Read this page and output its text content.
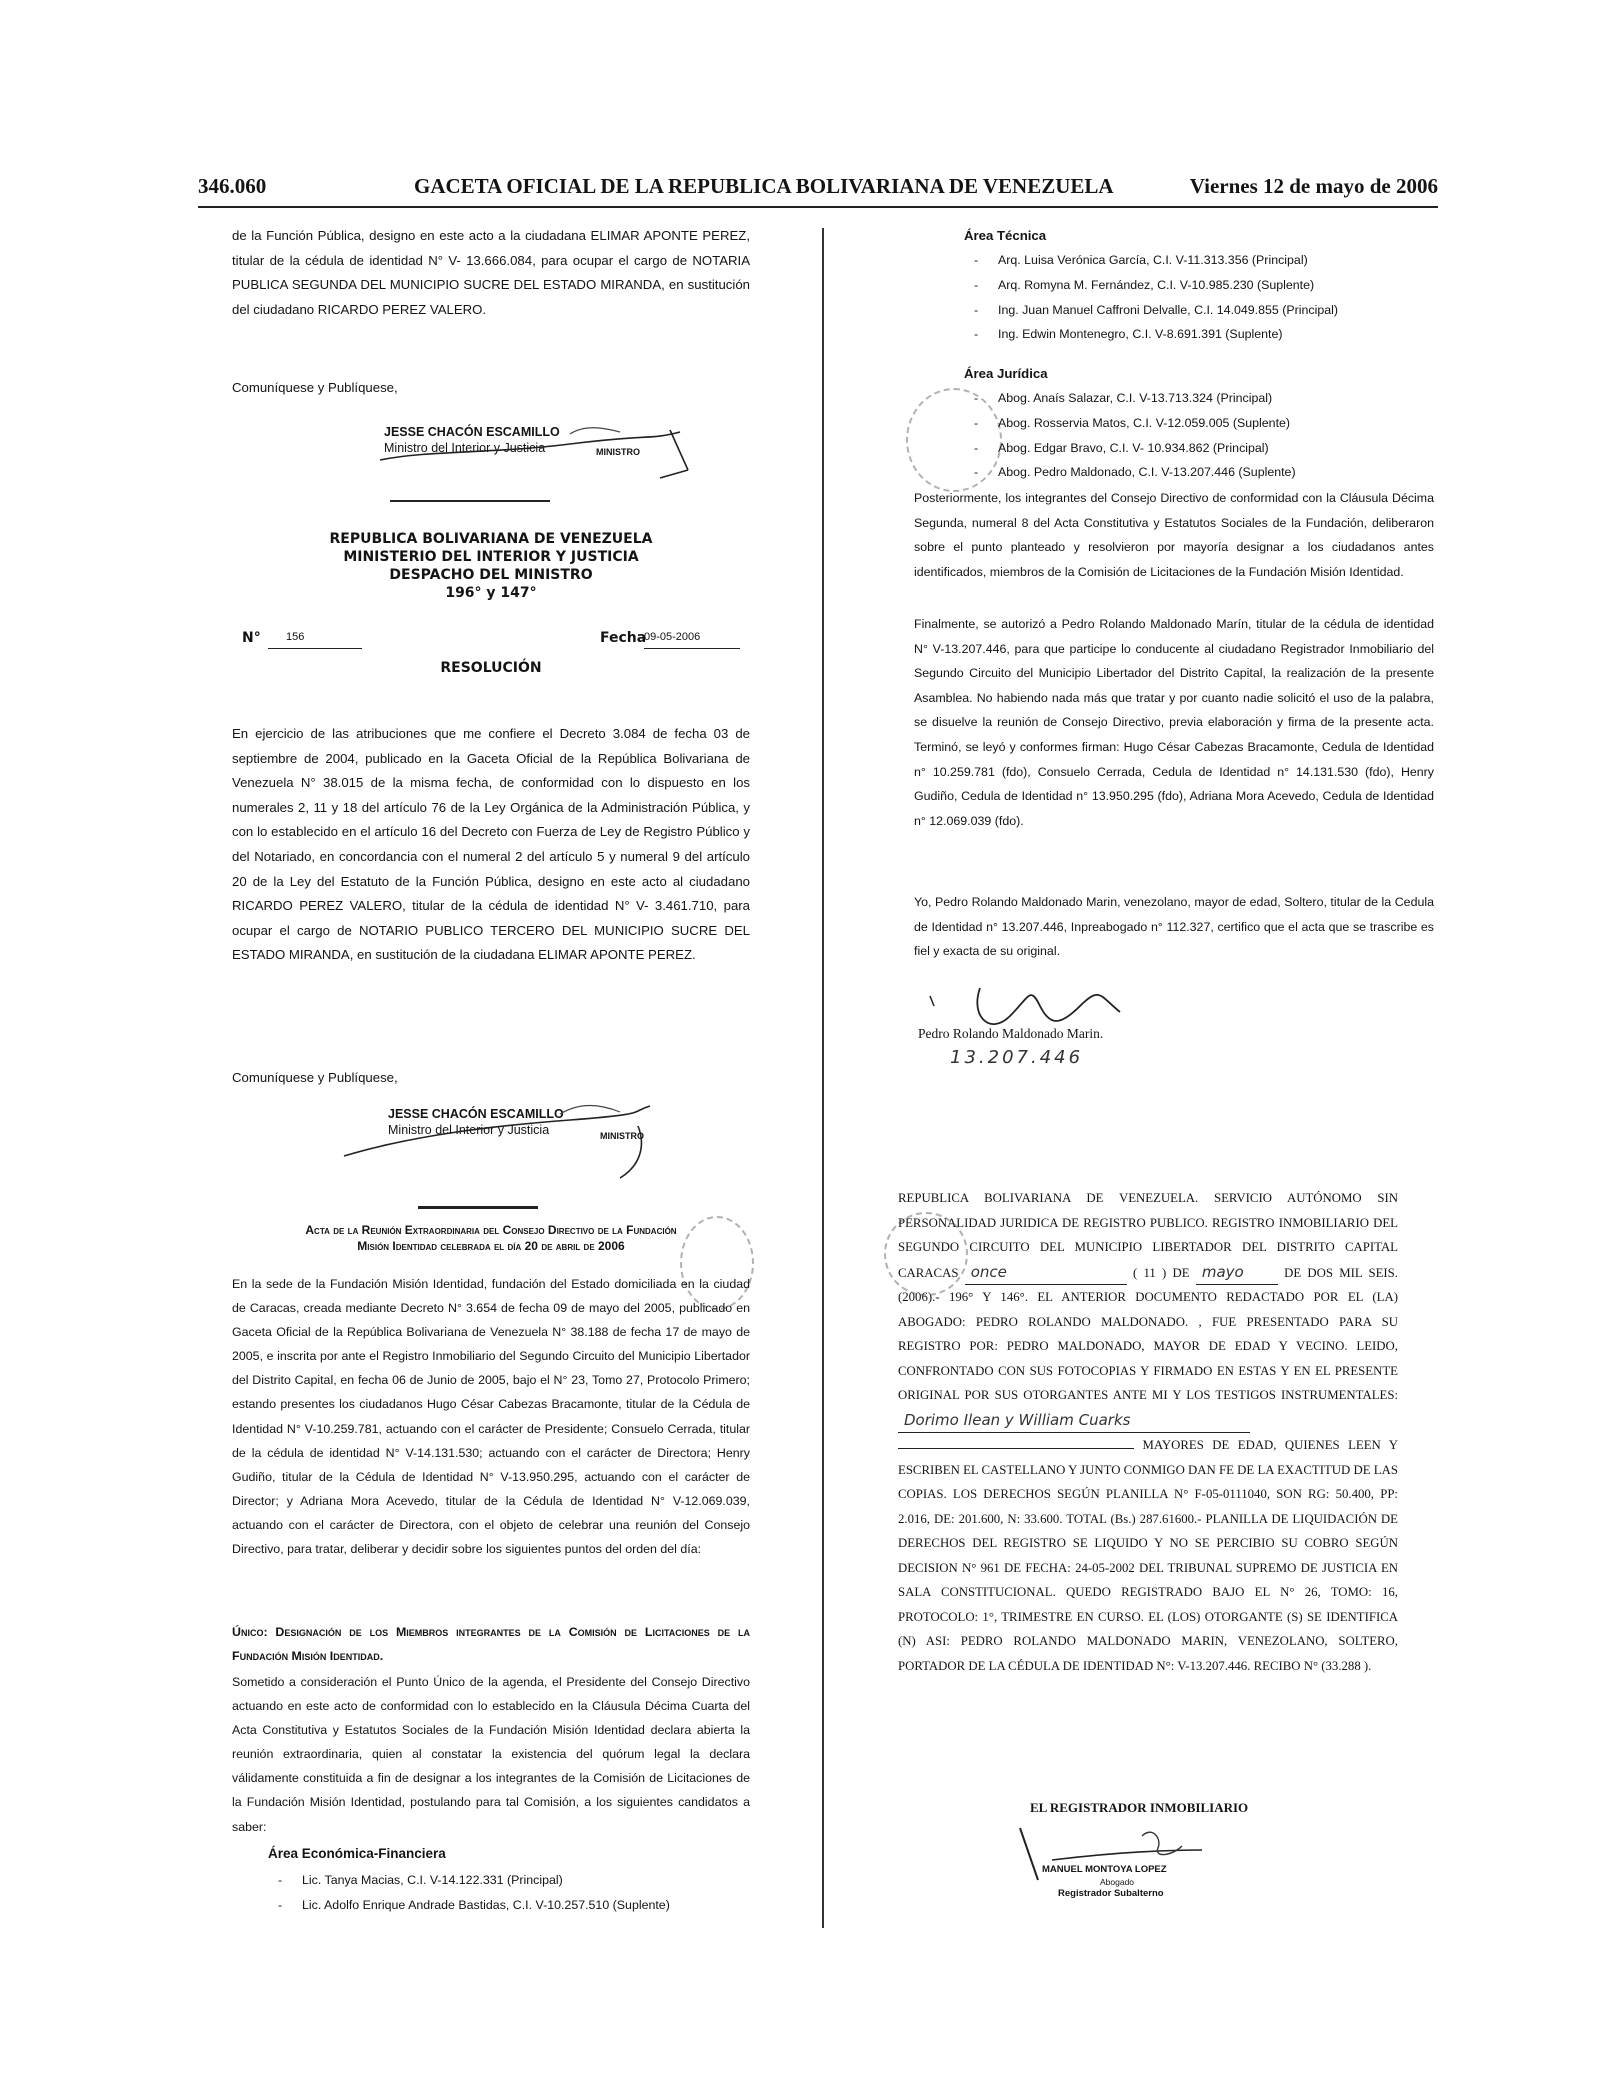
346.060	GACETA OFICIAL DE LA REPUBLICA BOLIVARIANA DE VENEZUELA	Viernes 12 de mayo de 2006
de la Función Pública, designo en este acto a la ciudadana ELIMAR APONTE PEREZ, titular de la cédula de identidad N° V- 13.666.084, para ocupar el cargo de NOTARIA PUBLICA SEGUNDA DEL MUNICIPIO SUCRE DEL ESTADO MIRANDA, en sustitución del ciudadano RICARDO PEREZ VALERO.
Comuníquese y Publíquese,
JESSE CHACÓN ESCAMILLO
Ministro del Interior y Justicia	MINISTRO
REPUBLICA BOLIVARIANA DE VENEZUELA
MINISTERIO DEL INTERIOR Y JUSTICIA
DESPACHO DEL MINISTRO
196° y 147°
N°	156	Fecha
09-05-2006
RESOLUCIÓN
En ejercicio de las atribuciones que me confiere el Decreto 3.084 de fecha 03 de septiembre de 2004, publicado en la Gaceta Oficial de la República Bolivariana de Venezuela N° 38.015 de la misma fecha, de conformidad con lo dispuesto en los numerales 2, 11 y 18 del artículo 76 de la Ley Orgánica de la Administración Pública, y con lo establecido en el artículo 16 del Decreto con Fuerza de Ley de Registro Público y del Notariado, en concordancia con el numeral 2 del artículo 5 y numeral 9 del artículo 20 de la Ley del Estatuto de la Función Pública, designo en este acto al ciudadano RICARDO PEREZ VALERO, titular de la cédula de identidad N° V- 3.461.710, para ocupar el cargo de NOTARIO PUBLICO TERCERO DEL MUNICIPIO SUCRE DEL ESTADO MIRANDA, en sustitución de la ciudadana ELIMAR APONTE PEREZ.
Comuníquese y Publíquese,
JESSE CHACÓN ESCAMILLO
Ministro del Interior y Justicia	MINISTRO
Acta de la Reunión Extraordinaria del Consejo Directivo de la Fundación
Misión Identidad celebrada el día 20 de abril de 2006
En la sede de la Fundación Misión Identidad, fundación del Estado domiciliada en la ciudad de Caracas, creada mediante Decreto N° 3.654 de fecha 09 de mayo del 2005, publicado en Gaceta Oficial de la República Bolivariana de Venezuela N° 38.188 de fecha 17 de mayo de 2005, e inscrita por ante el Registro Inmobiliario del Segundo Circuito del Municipio Libertador del Distrito Capital, en fecha 06 de Junio de 2005, bajo el N° 23, Tomo 27, Protocolo Primero; estando presentes los ciudadanos Hugo César Cabezas Bracamonte, titular de la Cédula de Identidad N° V-10.259.781, actuando con el carácter de Presidente; Consuelo Cerrada, titular de la cédula de identidad N° V-14.131.530; actuando con el carácter de Directora; Henry Gudiño, titular de la Cédula de Identidad N° V-13.950.295, actuando con el carácter de Director; y Adriana Mora Acevedo, titular de la Cédula de Identidad N° V-12.069.039, actuando con el carácter de Directora, con el objeto de celebrar una reunión del Consejo Directivo, para tratar, deliberar y decidir sobre los siguientes puntos del orden del día:
Único: Designación de los Miembros integrantes de la Comisión de Licitaciones de la Fundación Misión Identidad.
Sometido a consideración el Punto Único de la agenda, el Presidente del Consejo Directivo actuando en este acto de conformidad con lo establecido en la Cláusula Décima Cuarta del Acta Constitutiva y Estatutos Sociales de la Fundación Misión Identidad declara abierta la reunión extraordinaria, quien al constatar la existencia del quórum legal la declara válidamente constituida a fin de designar a los integrantes de la Comisión de Licitaciones de la Fundación Misión Identidad, postulando para tal Comisión, a los siguientes candidatos a saber:
Área Económica-Financiera
- Lic. Tanya Macias, C.I. V-14.122.331 (Principal)
- Lic. Adolfo Enrique Andrade Bastidas, C.I. V-10.257.510 (Suplente)
Área Técnica
- Arq. Luisa Verónica García, C.I. V-11.313.356 (Principal)
- Arq. Romyna M. Fernández, C.I. V-10.985.230 (Suplente)
- Ing. Juan Manuel Caffroni Delvalle, C.I. 14.049.855 (Principal)
- Ing. Edwin Montenegro, C.I. V-8.691.391 (Suplente)
Área Jurídica
- Abog. Anaís Salazar, C.I. V-13.713.324 (Principal)
- Abog. Rosservia Matos, C.I. V-12.059.005 (Suplente)
- Abog. Edgar Bravo, C.I. V- 10.934.862 (Principal)
- Abog. Pedro Maldonado, C.I. V-13.207.446 (Suplente)
Posteriormente, los integrantes del Consejo Directivo de conformidad con la Cláusula Décima Segunda, numeral 8 del Acta Constitutiva y Estatutos Sociales de la Fundación, deliberaron sobre el punto planteado y resolvieron por mayoría designar a los ciudadanos antes identificados, miembros de la Comisión de Licitaciones de la Fundación Misión Identidad.
Finalmente, se autorizó a Pedro Rolando Maldonado Marín, titular de la cédula de identidad N° V-13.207.446, para que participe lo conducente al ciudadano Registrador Inmobiliario del Segundo Circuito del Municipio Libertador del Distrito Capital, la realización de la presente Asamblea. No habiendo nada más que tratar y por cuanto nadie solicitó el uso de la palabra, se disuelve la reunión de Consejo Directivo, previa elaboración y firma de la presente acta. Terminó, se leyó y conformes firman: Hugo César Cabezas Bracamonte, Cedula de Identidad n° 10.259.781 (fdo), Consuelo Cerrada, Cedula de Identidad n° 14.131.530 (fdo), Henry Gudiño, Cedula de Identidad n° 13.950.295 (fdo), Adriana Mora Acevedo, Cedula de Identidad n° 12.069.039 (fdo).
Yo, Pedro Rolando Maldonado Marin, venezolano, mayor de edad, Soltero, titular de la Cedula de Identidad n° 13.207.446, Inpreabogado n° 112.327, certifico que el acta que se trascribe es fiel y exacta de su original.
Pedro Rolando Maldonado Marin.
13.207.446

REPUBLICA BOLIVARIANA DE VENEZUELA. SERVICIO AUTÓNOMO SIN PERSONALIDAD JURIDICA DE REGISTRO PUBLICO. REGISTRO INMOBILIARIO DEL SEGUNDO CIRCUITO DEL MUNICIPIO LIBERTADOR DEL DISTRITO CAPITAL CARACAS once	( 11 ) DE mayo	DE DOS MIL SEIS. (2006).- 196° Y 146°. EL ANTERIOR DOCUMENTO REDACTADO POR EL (LA) ABOGADO: PEDRO ROLANDO MALDONADO. , FUE PRESENTADO PARA SU REGISTRO POR: PEDRO MALDONADO, MAYOR DE EDAD Y VECINO. LEIDO, CONFRONTADO CON SUS FOTOCOPIAS Y FIRMADO EN ESTAS Y EN EL PRESENTE ORIGINAL POR SUS OTORGANTES ANTE MI Y LOS TESTIGOS INSTRUMENTALES: Dorimo Ilean y William Cuarks  MAYORES DE EDAD, QUIENES LEEN Y ESCRIBEN EL CASTELLANO Y JUNTO CONMIGO DAN FE DE LA EXACTITUD DE LAS COPIAS. LOS DERECHOS SEGÚN PLANILLA N° F-05-0111040, SON RG: 50.400, PP: 2.016, DE: 201.600, N: 33.600. TOTAL (Bs.) 287.61600.- PLANILLA DE LIQUIDACIÓN DE DERECHOS DEL REGISTRO SE LIQUIDO Y NO SE PERCIBIO SU COBRO SEGÚN DECISION N° 961 DE FECHA: 24-05-2002 DEL TRIBUNAL SUPREMO DE JUSTICIA EN SALA CONSTITUCIONAL. QUEDO REGISTRADO BAJO EL N° 26, TOMO: 16, PROTOCOLO: 1°, TRIMESTRE EN CURSO. EL (LOS) OTORGANTE (S) SE IDENTIFICA (N) ASI: PEDRO ROLANDO MALDONADO MARIN, VENEZOLANO, SOLTERO, PORTADOR DE LA CÉDULA DE IDENTIDAD N°: V-13.207.446. RECIBO N° (33.288 ).

EL REGISTRADOR INMOBILIARIO
MANUEL MONTOYA LOPEZ
Abogado
Registrador Subalterno
